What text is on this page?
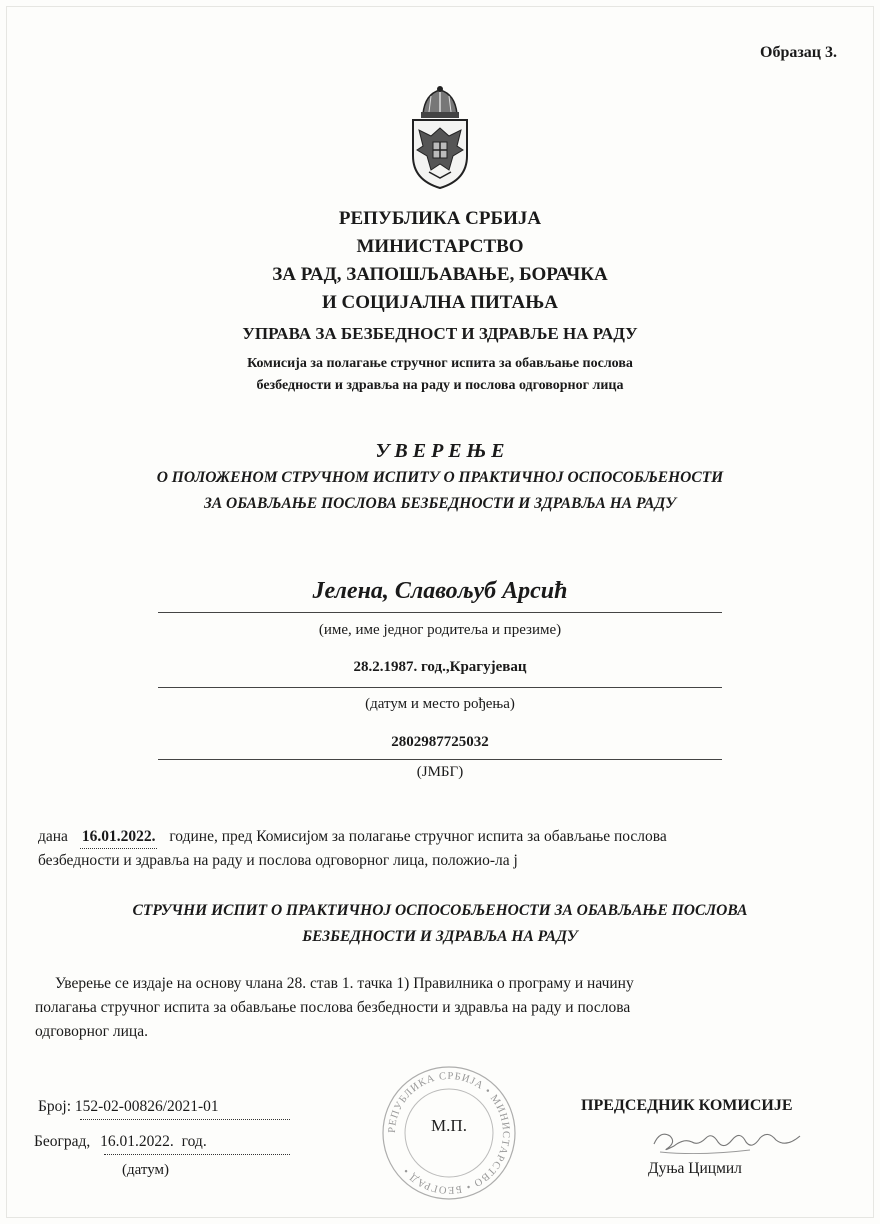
Образац 3.
РЕПУБЛИКА СРБИЈА
МИНИСТАРСТВО
ЗА РАД, ЗАПОШЉАВАЊЕ, БОРАЧКА
И СОЦИЈАЛНА ПИТАЊА
УПРАВА ЗА БЕЗБЕДНОСТ И ЗДРАВЉЕ НА РАДУ
Комисија за полагање стручног испита за обављање послова
безбедности и здравља на раду и послова одговорног лица
У В Е Р Е Њ Е
О ПОЛОЖЕНОМ СТРУЧНОМ ИСПИТУ О ПРАКТИЧНОЈ ОСПОСОБЉЕНОСТИ
ЗА ОБАВЉАЊЕ ПОСЛОВА БЕЗБЕДНОСТИ И ЗДРАВЉА НА РАДУ
Јелена, Славољуб Арсић
(име, име једног родитеља и презиме)
28.2.1987. год.,Крагујевац
(датум и место рођења)
2802987725032
(ЈМБГ)
дана 16.01.2022. године, пред Комисијом за полагање стручног испита за обављање послова
безбедности и здравља на раду и послова одговорног лица, положио-ла ј
СТРУЧНИ ИСПИТ О ПРАКТИЧНОЈ ОСПОСОБЉЕНОСТИ ЗА ОБАВЉАЊЕ ПОСЛОВА
БЕЗБЕДНОСТИ И ЗДРАВЉА НА РАДУ
Уверење се издаје на основу члана 28. став 1. тачка 1) Правилника о програму и начину
полагања стручног испита за обављање послова безбедности и здравља на раду и послова
одговорног лица.
Број: 152-02-00826/2021-01
Београд, 16.01.2022. год.
(датум)
РЕПУБЛИКА СРБИЈА • МИНИСТАРСТВО • БЕОГРАД •
М.П.
ПРЕДСЕДНИК КОМИСИЈЕ
Дуња Цицмил
